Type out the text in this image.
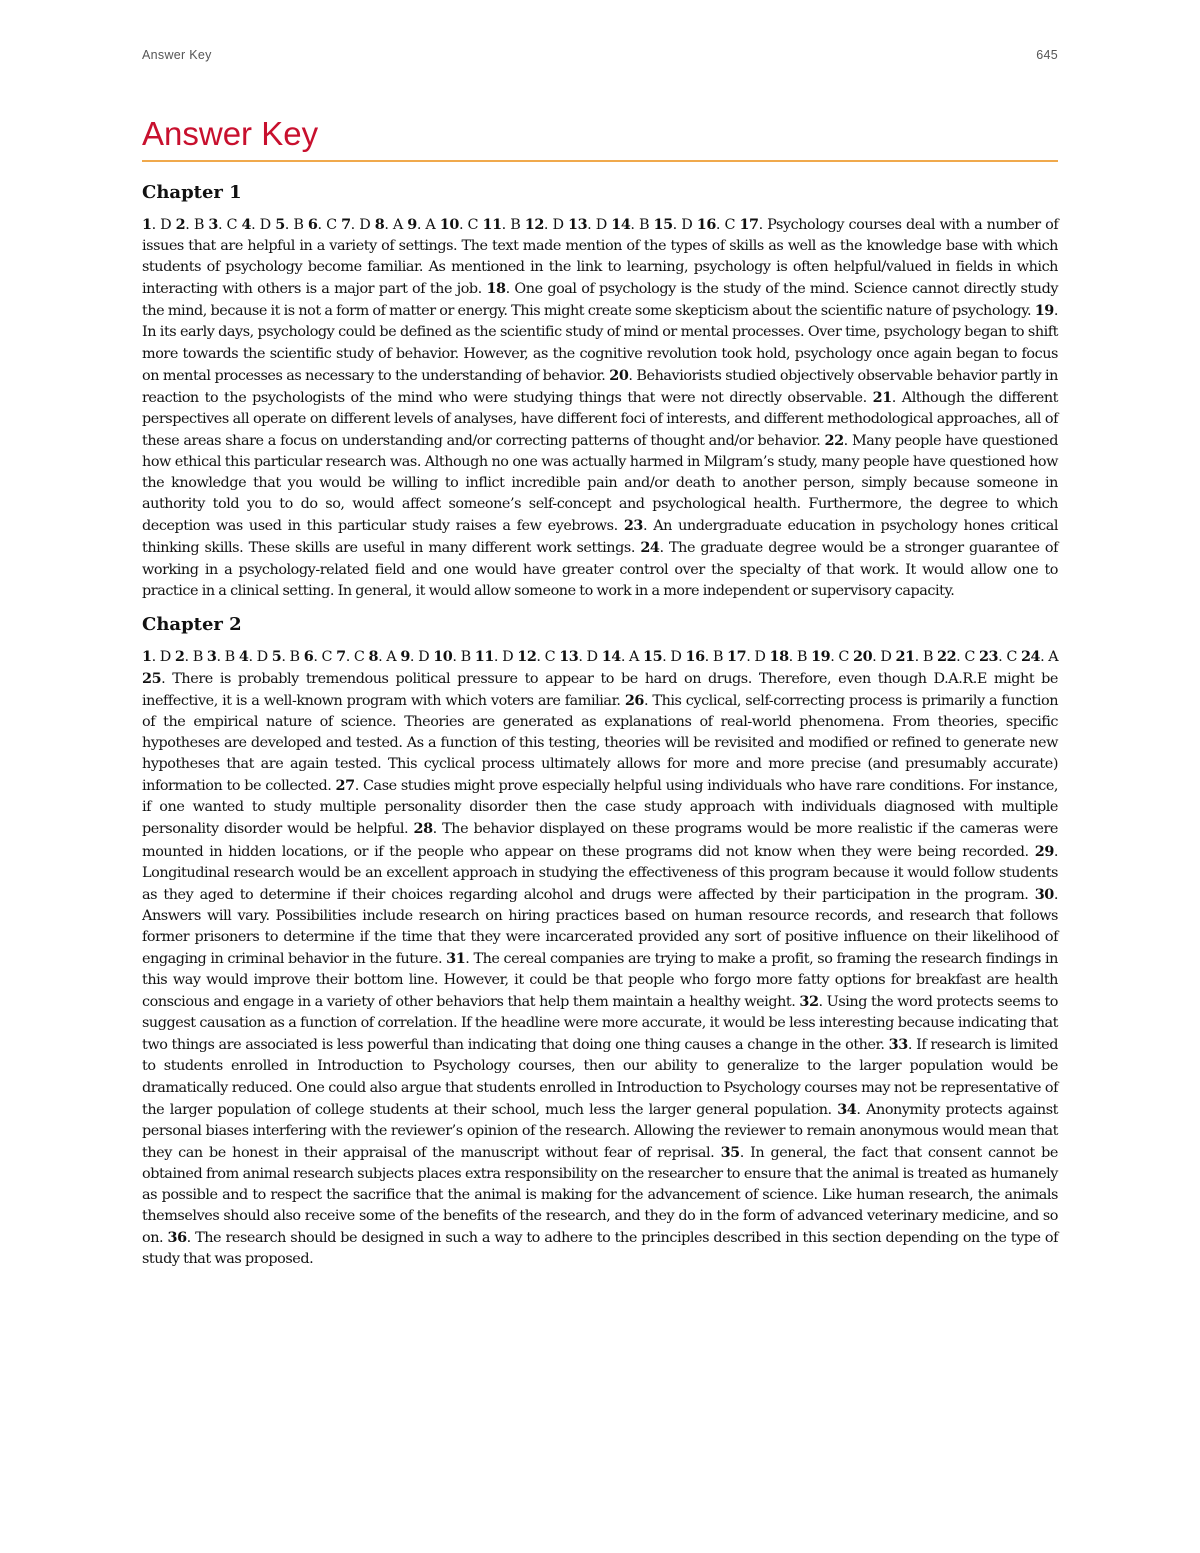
Answer Key	645
Answer Key
Chapter 1

1. D 2. B 3. C 4. D 5. B 6. C 7. D 8. A 9. A 10. C 11. B 12. D 13. D 14. B 15. D 16. C 17. Psychology courses deal with a number of issues that are helpful in a variety of settings. The text made mention of the types of skills as well as the knowledge base with which students of psychology become familiar. As mentioned in the link to learning, psychology is often helpful/valued in fields in which interacting with others is a major part of the job. 18. One goal of psychology is the study of the mind. Science cannot directly study the mind, because it is not a form of matter or energy. This might create some skepticism about the scientific nature of psychology. 19. In its early days, psychology could be defined as the scientific study of mind or mental processes. Over time, psychology began to shift more towards the scientific study of behavior. However, as the cognitive revolution took hold, psychology once again began to focus on mental processes as necessary to the understanding of behavior. 20. Behaviorists studied objectively observable behavior partly in reaction to the psychologists of the mind who were studying things that were not directly observable. 21. Although the different perspectives all operate on different levels of analyses, have different foci of interests, and different methodological approaches, all of these areas share a focus on understanding and/or correcting patterns of thought and/or behavior. 22. Many people have questioned how ethical this particular research was. Although no one was actually harmed in Milgram’s study, many people have questioned how the knowledge that you would be willing to inflict incredible pain and/or death to another person, simply because someone in authority told you to do so, would affect someone’s self-concept and psychological health. Furthermore, the degree to which deception was used in this particular study raises a few eyebrows. 23. An undergraduate education in psychology hones critical thinking skills. These skills are useful in many different work settings. 24. The graduate degree would be a stronger guarantee of working in a psychology-related field and one would have greater control over the specialty of that work. It would allow one to practice in a clinical setting. In general, it would allow someone to work in a more independent or supervisory capacity.

Chapter 2

1. D 2. B 3. B 4. D 5. B 6. C 7. C 8. A 9. D 10. B 11. D 12. C 13. D 14. A 15. D 16. B 17. D 18. B 19. C 20. D 21. B 22. C 23. C 24. A 25. There is probably tremendous political pressure to appear to be hard on drugs. Therefore, even though D.A.R.E might be ineffective, it is a well-known program with which voters are familiar. 26. This cyclical, self-correcting process is primarily a function of the empirical nature of science. Theories are generated as explanations of real-world phenomena. From theories, specific hypotheses are developed and tested. As a function of this testing, theories will be revisited and modified or refined to generate new hypotheses that are again tested. This cyclical process ultimately allows for more and more precise (and presumably accurate) information to be collected. 27. Case studies might prove especially helpful using individuals who have rare conditions. For instance, if one wanted to study multiple personality disorder then the case study approach with individuals diagnosed with multiple personality disorder would be helpful. 28. The behavior displayed on these programs would be more realistic if the cameras were mounted in hidden locations, or if the people who appear on these programs did not know when they were being recorded. 29. Longitudinal research would be an excellent approach in studying the effectiveness of this program because it would follow students as they aged to determine if their choices regarding alcohol and drugs were affected by their participation in the program. 30. Answers will vary. Possibilities include research on hiring practices based on human resource records, and research that follows former prisoners to determine if the time that they were incarcerated provided any sort of positive influence on their likelihood of engaging in criminal behavior in the future. 31. The cereal companies are trying to make a profit, so framing the research findings in this way would improve their bottom line. However, it could be that people who forgo more fatty options for breakfast are health conscious and engage in a variety of other behaviors that help them maintain a healthy weight. 32. Using the word protects seems to suggest causation as a function of correlation. If the headline were more accurate, it would be less interesting because indicating that two things are associated is less powerful than indicating that doing one thing causes a change in the other. 33. If research is limited to students enrolled in Introduction to Psychology courses, then our ability to generalize to the larger population would be dramatically reduced. One could also argue that students enrolled in Introduction to Psychology courses may not be representative of the larger population of college students at their school, much less the larger general population. 34. Anonymity protects against personal biases interfering with the reviewer’s opinion of the research. Allowing the reviewer to remain anonymous would mean that they can be honest in their appraisal of the manuscript without fear of reprisal. 35. In general, the fact that consent cannot be obtained from animal research subjects places extra responsibility on the researcher to ensure that the animal is treated as humanely as possible and to respect the sacrifice that the animal is making for the advancement of science. Like human research, the animals themselves should also receive some of the benefits of the research, and they do in the form of advanced veterinary medicine, and so on. 36. The research should be designed in such a way to adhere to the principles described in this section depending on the type of study that was proposed.
